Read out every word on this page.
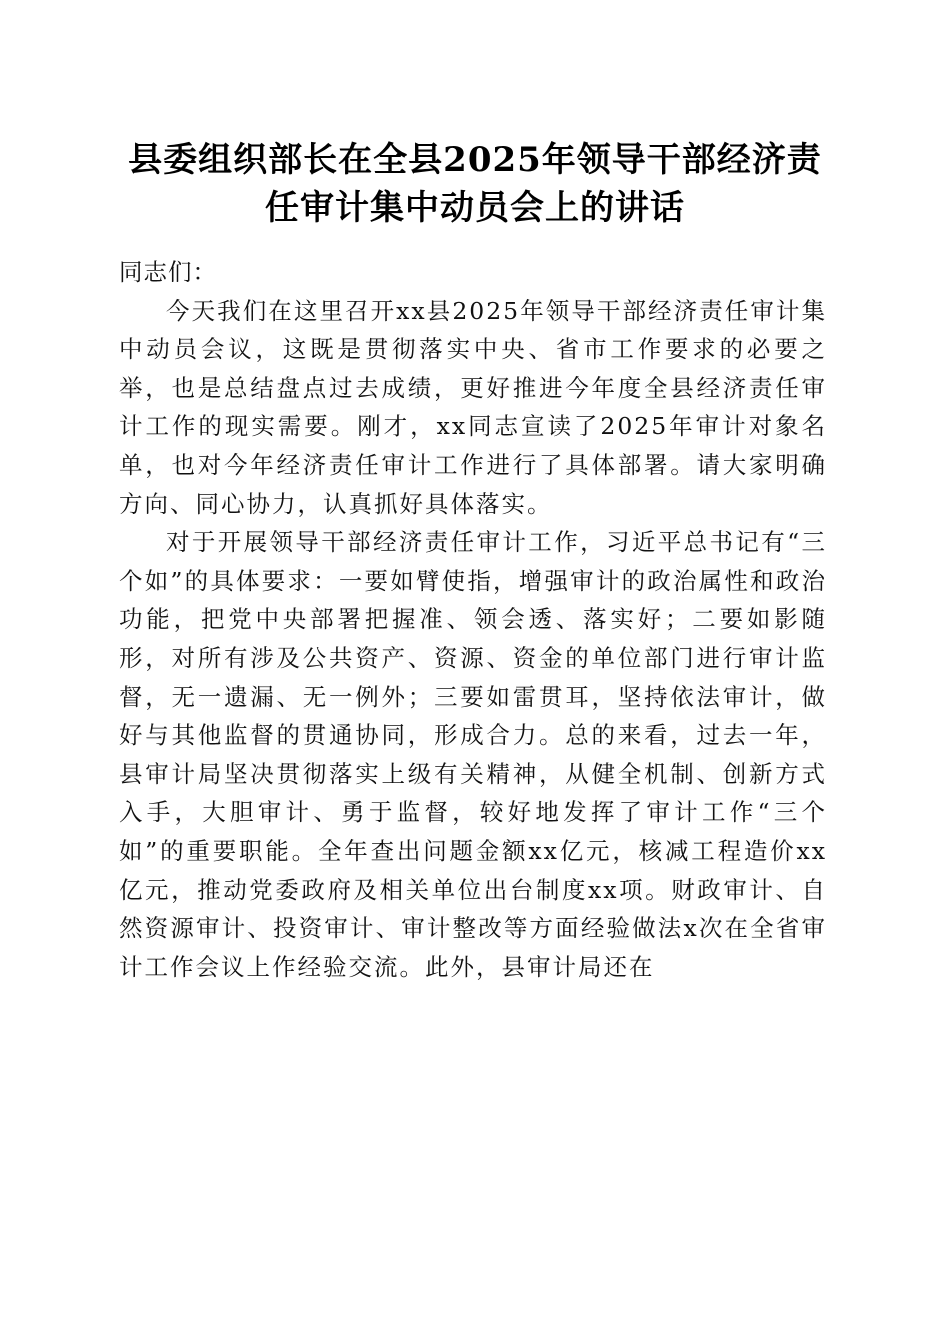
县委组织部长在全县2025年领导干部经济责
任审计集中动员会上的讲话

同志们：

今天我们在这里召开xx县2025年领导干部经济责任审计集中动员会议，这既是贯彻落实中央、省市工作要求的必要之举，也是总结盘点过去成绩，更好推进今年度全县经济责任审计工作的现实需要。刚才，xx同志宣读了2025年审计对象名单，也对今年经济责任审计工作进行了具体部署。请大家明确方向、同心协力，认真抓好具体落实。

对于开展领导干部经济责任审计工作，习近平总书记有“三个如”的具体要求：一要如臂使指，增强审计的政治属性和政治功能，把党中央部署把握准、领会透、落实好；二要如影随形，对所有涉及公共资产、资源、资金的单位部门进行审计监督，无一遗漏、无一例外；三要如雷贯耳，坚持依法审计，做好与其他监督的贯通协同，形成合力。总的来看，过去一年，县审计局坚决贯彻落实上级有关精神，从健全机制、创新方式入手，大胆审计、勇于监督，较好地发挥了审计工作“三个如”的重要职能。全年查出问题金额xx亿元，核减工程造价xx亿元，推动党委政府及相关单位出台制度xx项。财政审计、自然资源审计、投资审计、审计整改等方面经验做法x次在全省审计工作会议上作经验交流。此外，县审计局还在
